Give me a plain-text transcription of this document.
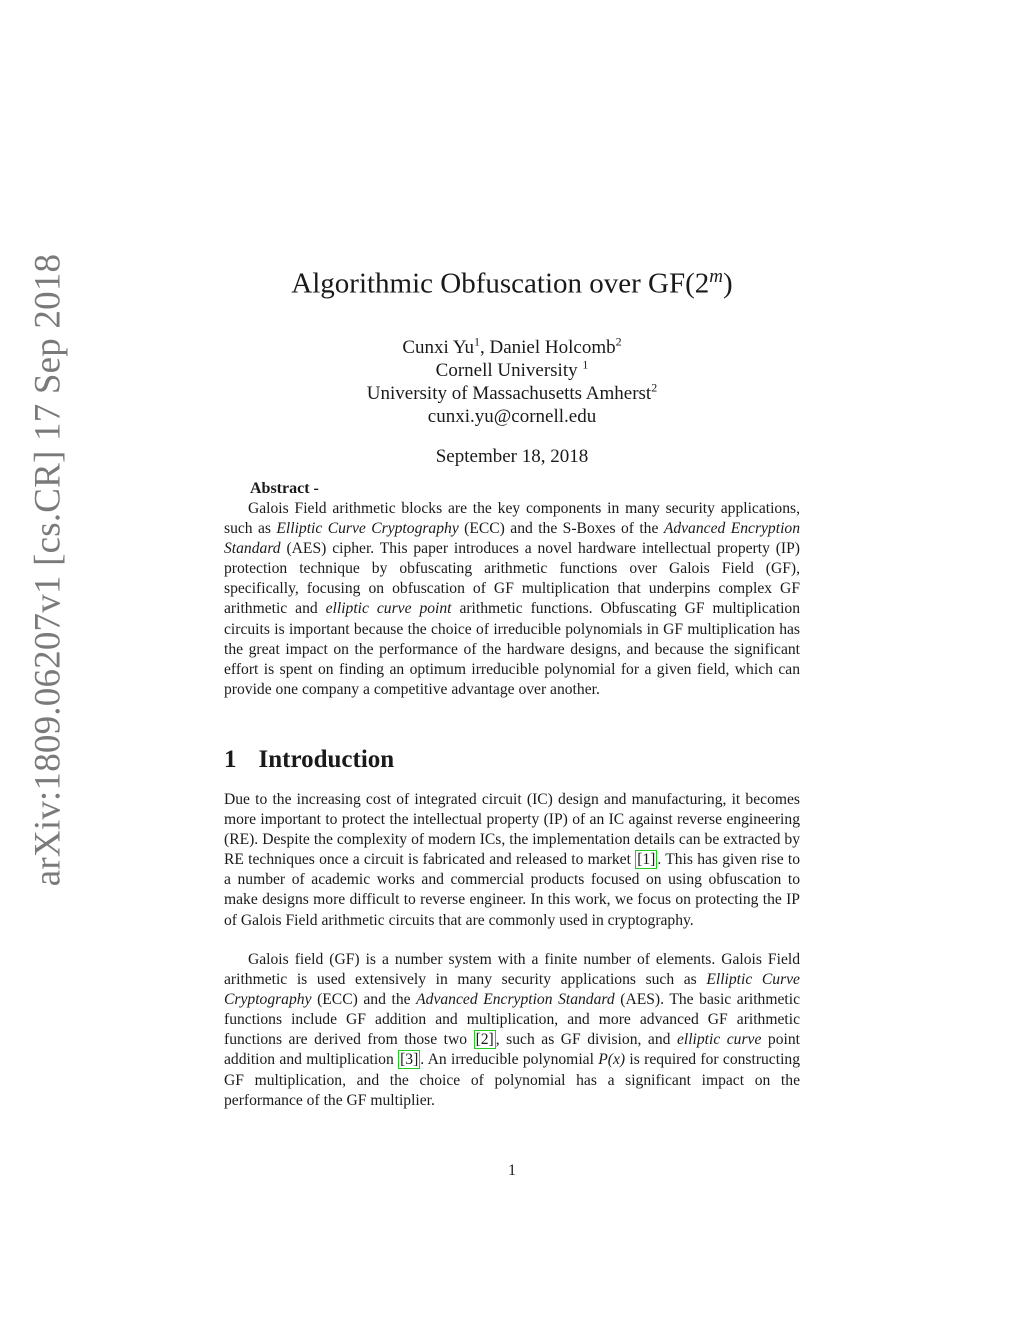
arXiv:1809.06207v1 [cs.CR] 17 Sep 2018	Algorithmic Obfuscation over GF(2$^m$)
Cunxi Yu$^1$, Daniel Holcomb$^2$
Cornell University $^1$
University of Massachusetts Amherst$^2$
cunxi.yu@cornell.edu
September 18, 2018
Abstract -
Galois Field arithmetic blocks are the key components in many security applications, such as Elliptic Curve Cryptography (ECC) and the S-Boxes of the Advanced Encryption Standard (AES) cipher. This paper introduces a novel hardware intellectual property (IP) protection technique by obfuscating arithmetic functions over Galois Field (GF), specifically, focusing on obfuscation of GF multiplication that underpins complex GF arithmetic and elliptic curve point arithmetic functions. Obfuscating GF multiplication circuits is important because the choice of irreducible polynomials in GF multiplication has the great impact on the performance of the hardware designs, and because the significant effort is spent on finding an optimum irreducible polynomial for a given field, which can provide one company a competitive advantage over another.
1 Introduction
Due to the increasing cost of integrated circuit (IC) design and manufacturing, it becomes more important to protect the intellectual property (IP) of an IC against reverse engineering (RE). Despite the complexity of modern ICs, the implementation details can be extracted by RE techniques once a circuit is fabricated and released to market [1] . This has given rise to a number of academic works and commercial products focused on using obfuscation to make designs more difficult to reverse engineer. In this work, we focus on protecting the IP of Galois Field arithmetic circuits that are commonly used in cryptography.
Galois field (GF) is a number system with a finite number of elements. Galois Field arithmetic is used extensively in many security applications such as Elliptic Curve Cryptography (ECC) and the Advanced Encryption Standard (AES). The basic arithmetic functions include GF addition and multiplication, and more advanced GF arithmetic functions are derived from those two [2] , such as GF division, and elliptic curve point addition and multiplication [3] . An irreducible polynomial P(x) is required for constructing GF multiplication, and the choice of polynomial has a significant impact on the performance of the GF multiplier.
1
